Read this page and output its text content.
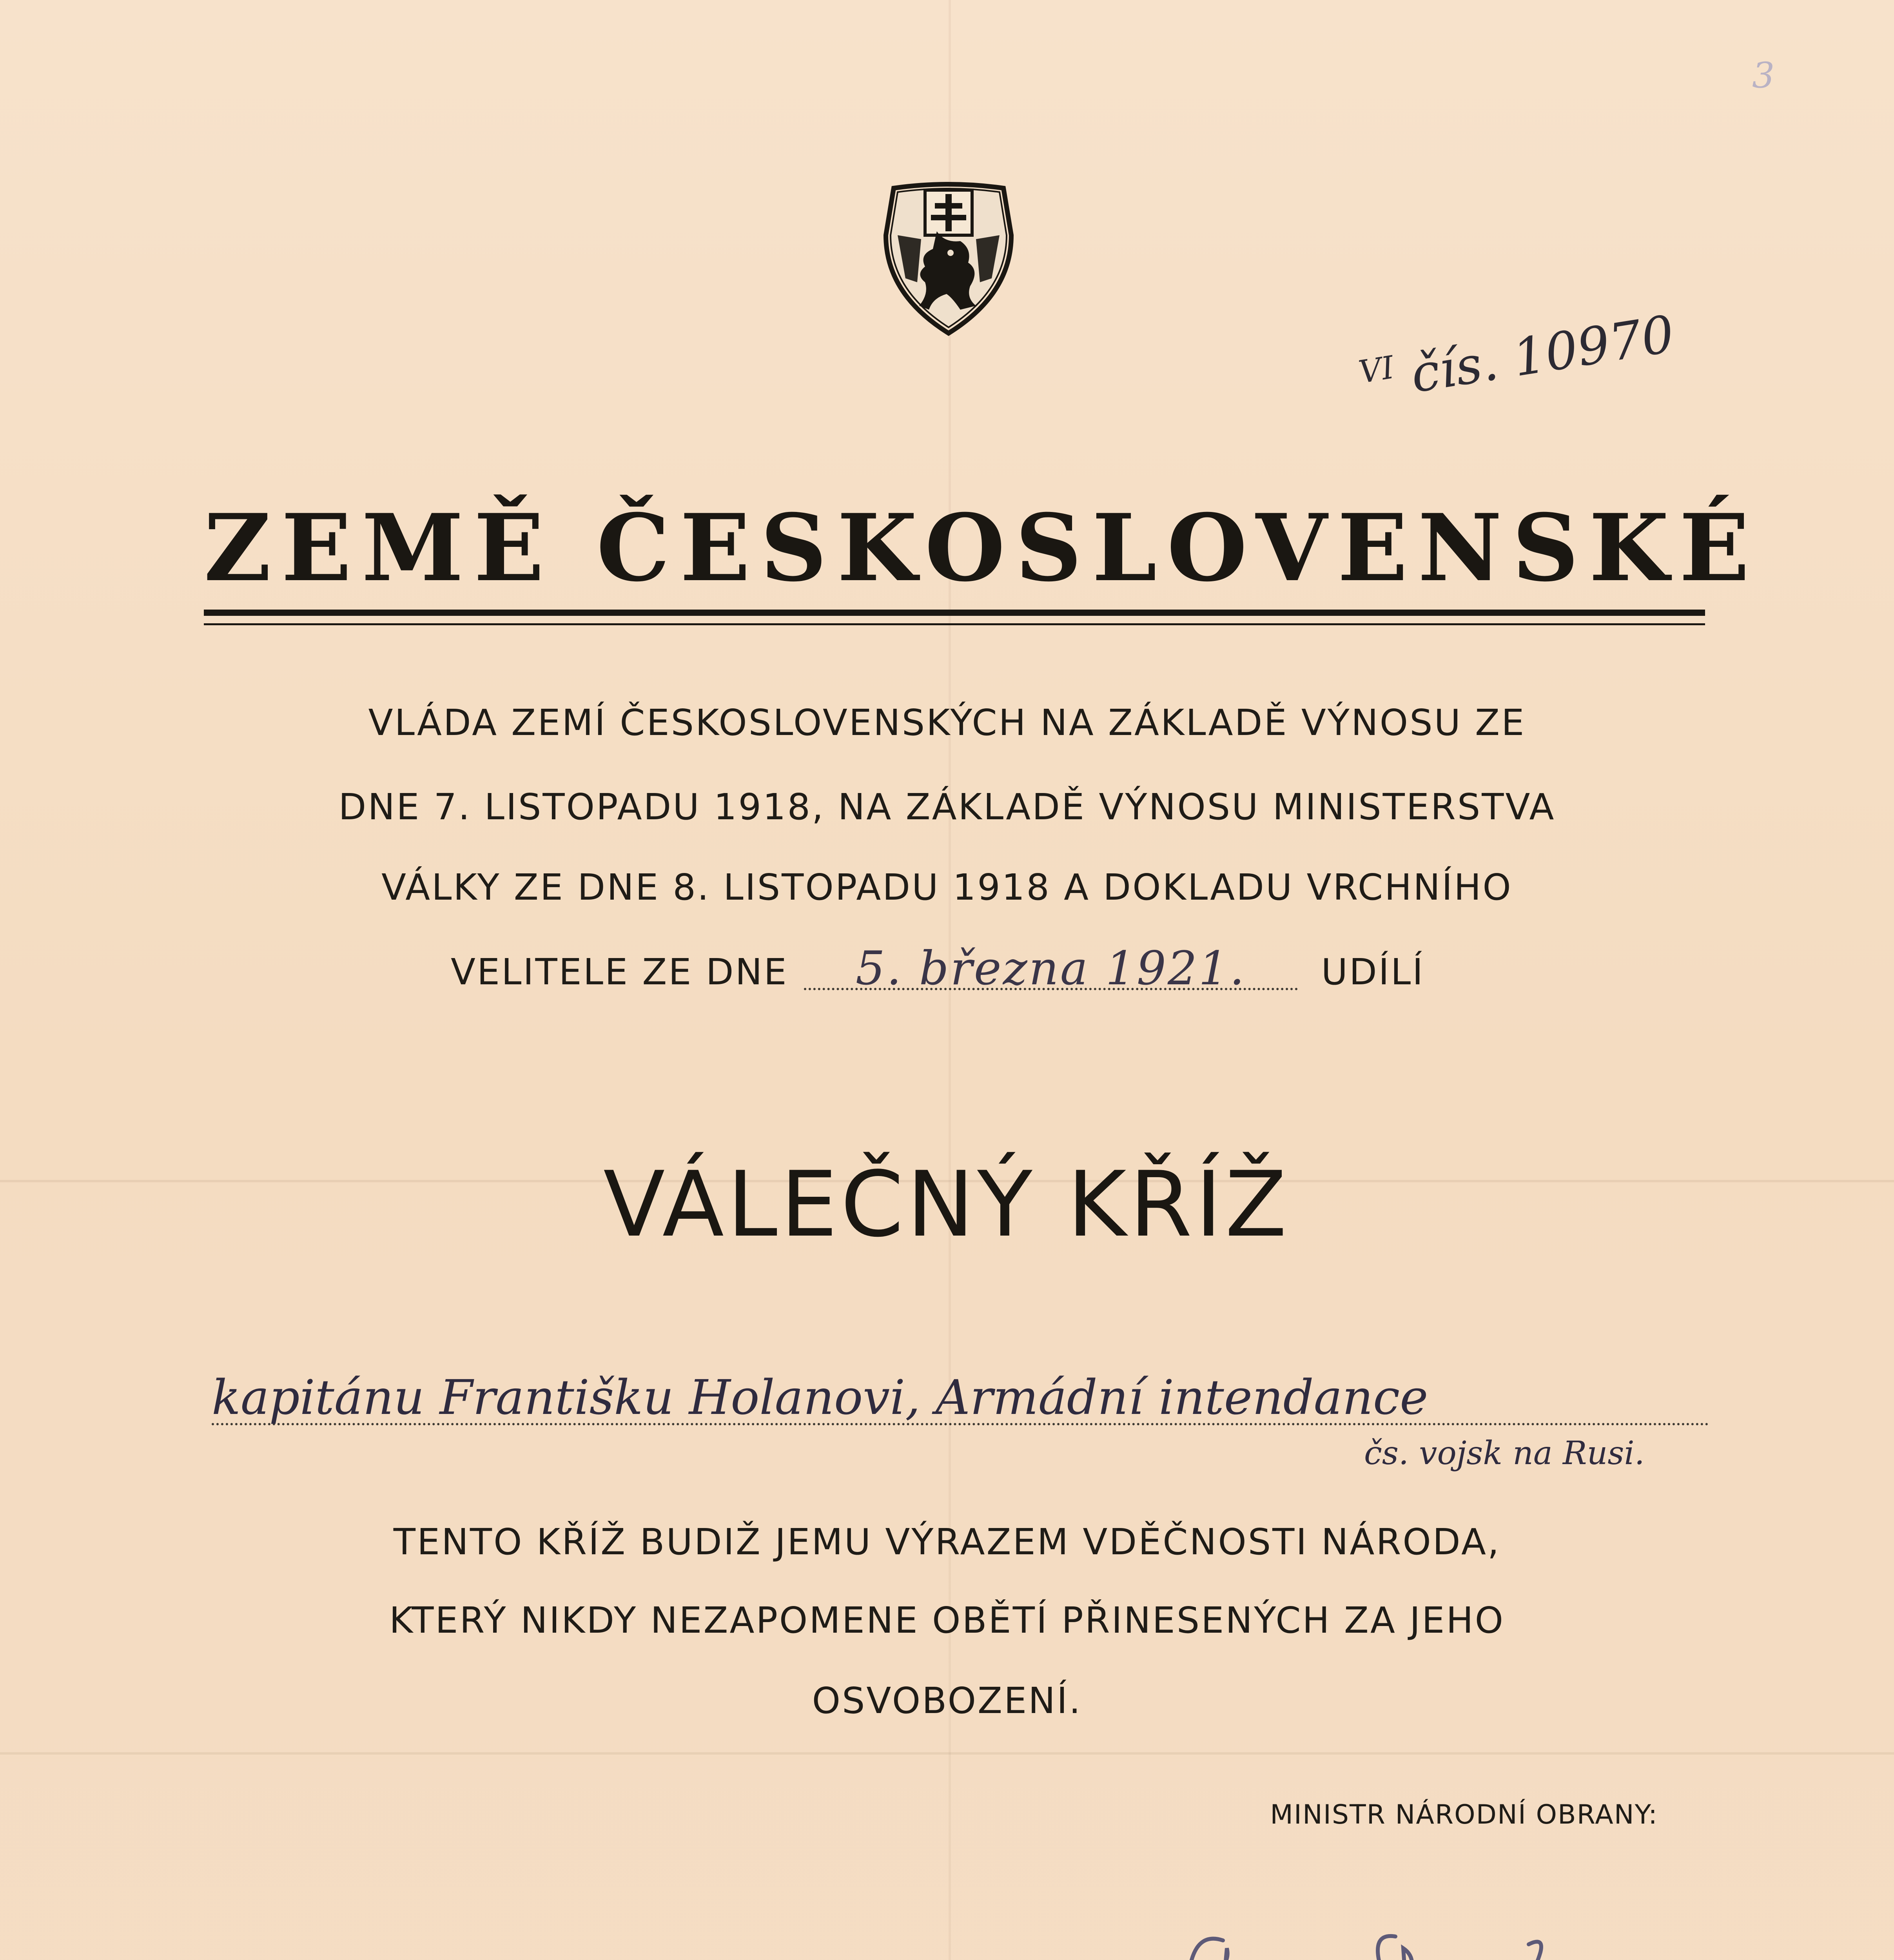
3
$^{VI}$ čís. 10970
ZEMĚ ČESKOSLOVENSKÉ
VLÁDA ZEMÍ ČESKOSLOVENSKÝCH NA ZÁKLADĚ VÝNOSU ZE
DNE 7. LISTOPADU 1918, NA ZÁKLADĚ VÝNOSU MINISTERSTVA
VÁLKY ZE DNE 8. LISTOPADU 1918 A DOKLADU VRCHNÍHO
VELITELE ZE DNE 5. března 1921. UDÍLÍ
VÁLEČNÝ KŘÍŽ
kapitánu Františku Holanovi, Armádní intendance
čs. vojsk na Rusi.
TENTO KŘÍŽ BUDIŽ JEMU VÝRAZEM VDĚČNOSTI NÁRODA,
KTERÝ NIKDY NEZAPOMENE OBĚTÍ PŘINESENÝCH ZA JEHO
OSVOBOZENÍ.
MINISTR NÁRODNÍ OBRANY:
